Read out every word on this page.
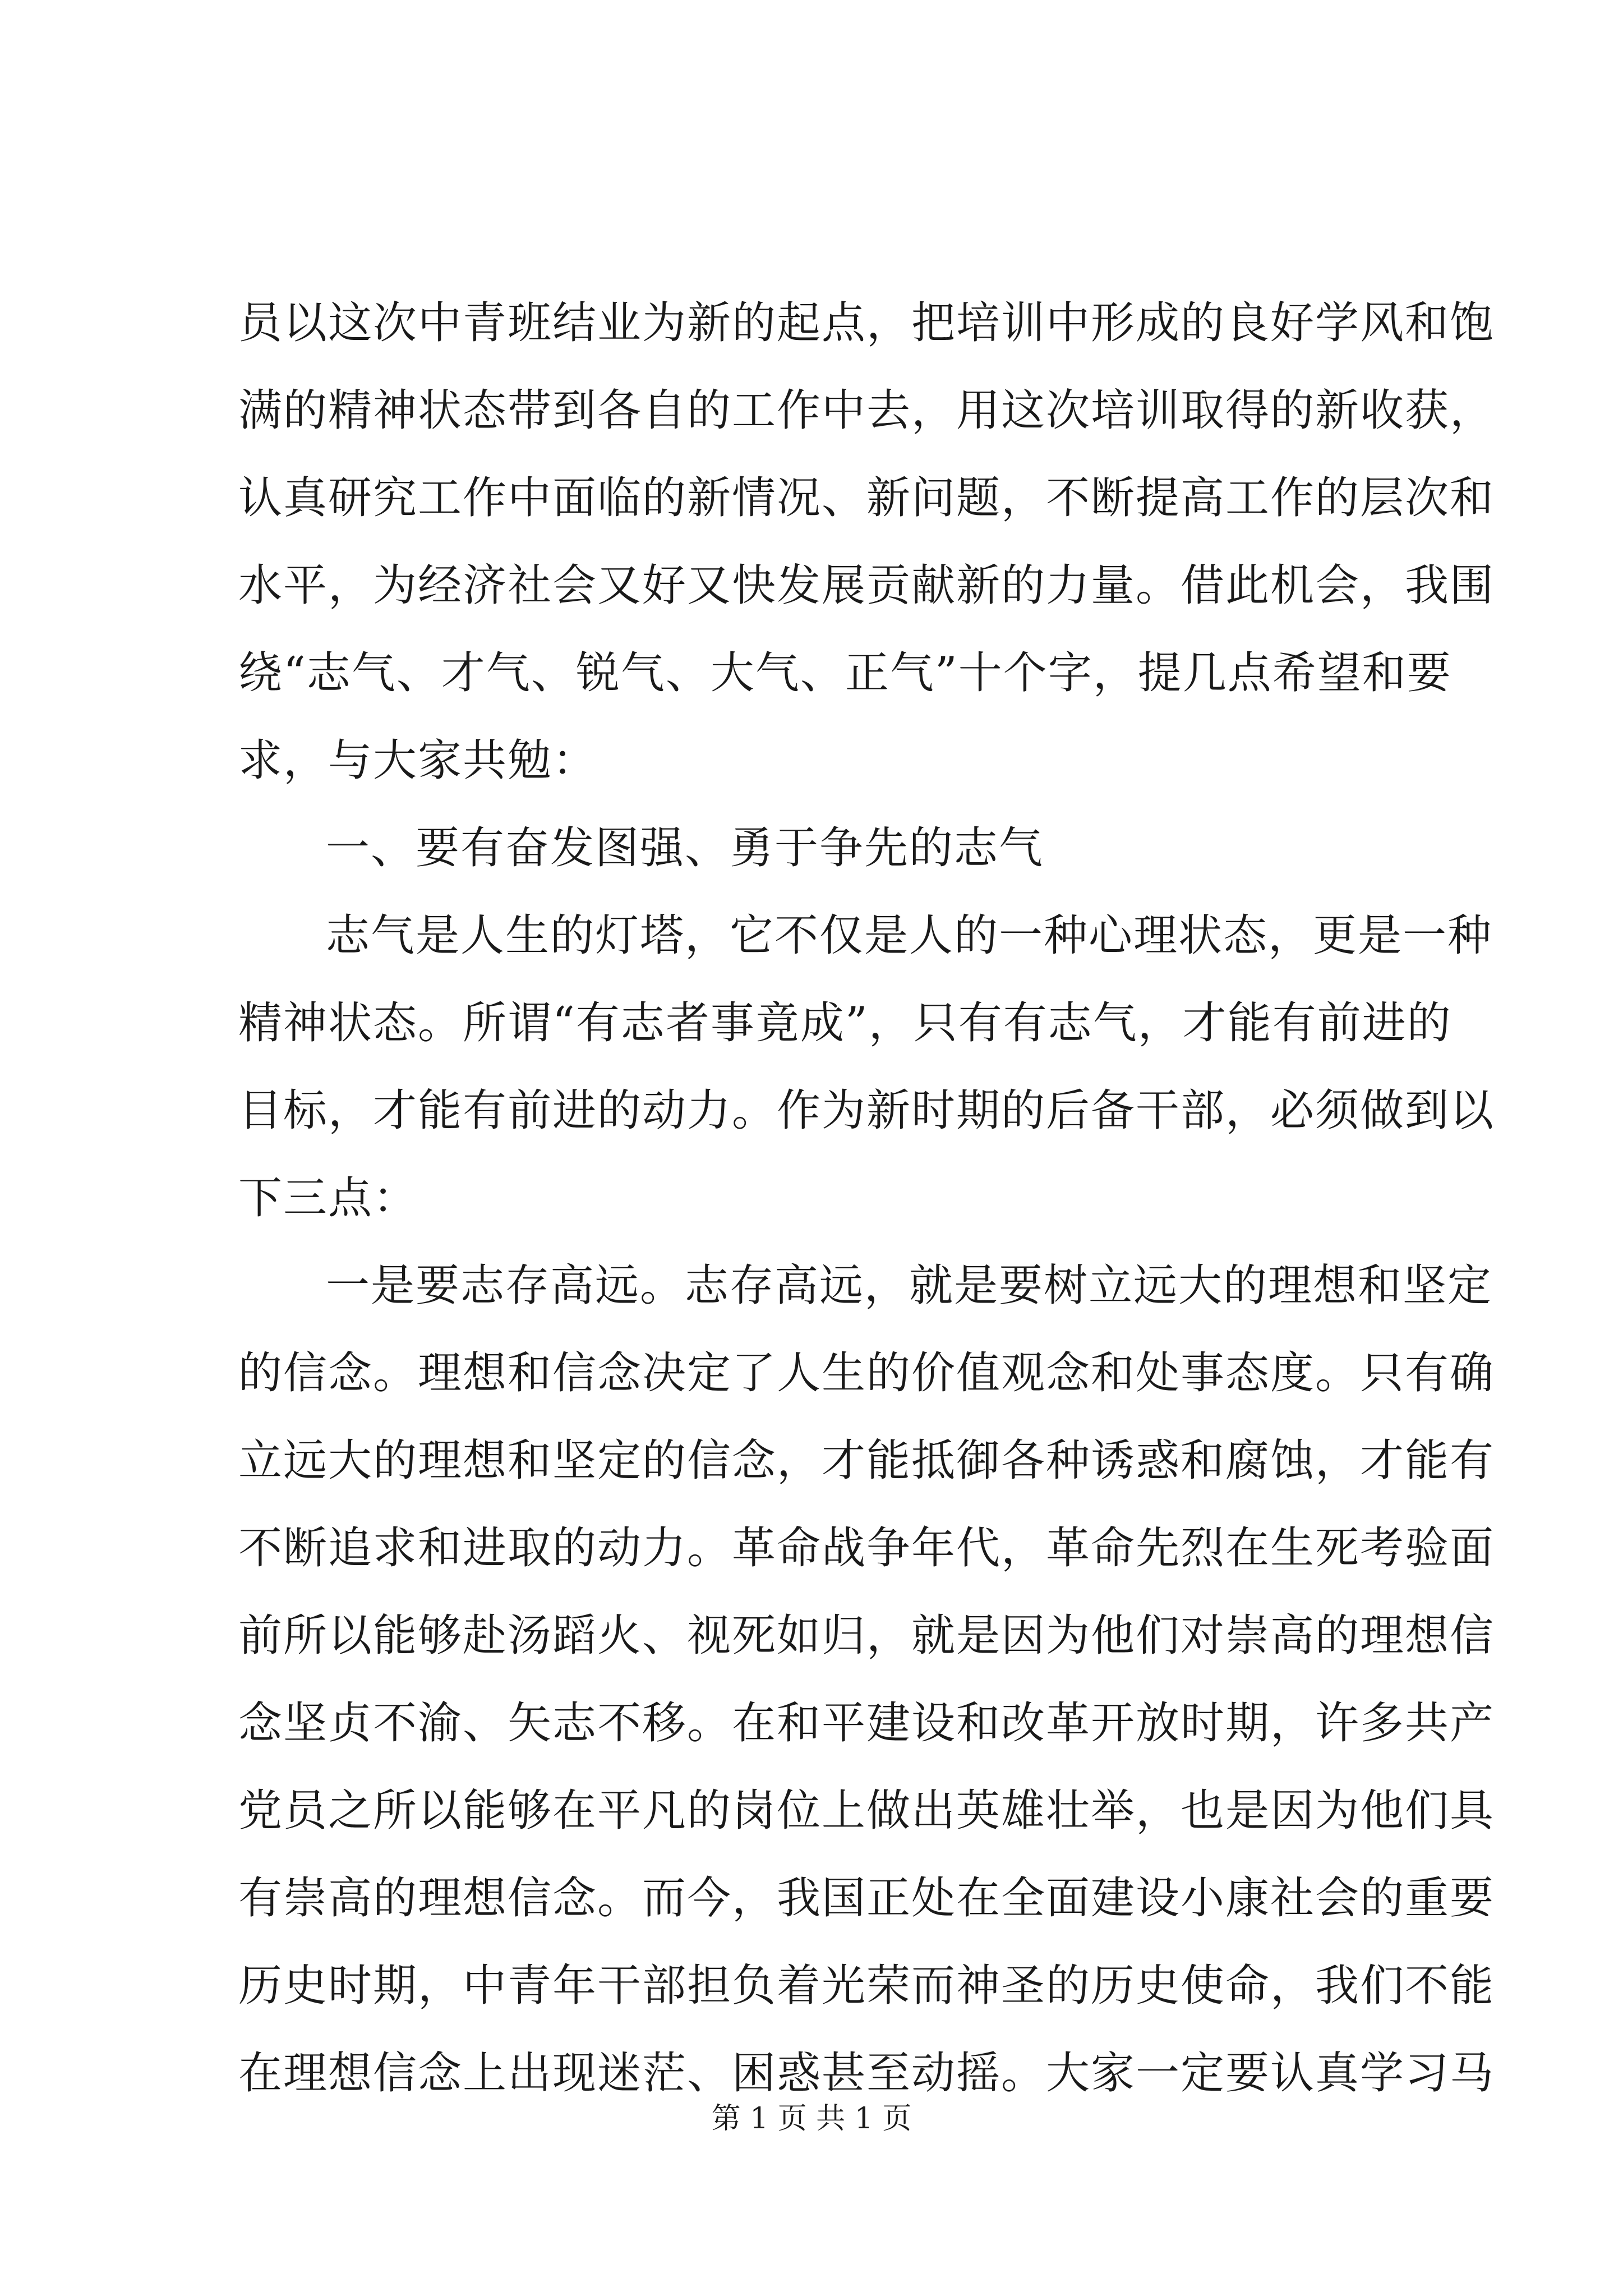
员以这次中青班结业为新的起点，把培训中形成的良好学风和饱
满的精神状态带到各自的工作中去，用这次培训取得的新收获，
认真研究工作中面临的新情况、新问题，不断提高工作的层次和
水平，为经济社会又好又快发展贡献新的力量。借此机会，我围
绕“志气、才气、锐气、大气、正气”十个字，提几点希望和要
求，与大家共勉：
一、要有奋发图强、勇于争先的志气
志气是人生的灯塔，它不仅是人的一种心理状态，更是一种
精神状态。所谓“有志者事竟成”，只有有志气，才能有前进的
目标，才能有前进的动力。作为新时期的后备干部，必须做到以
下三点：
一是要志存高远。志存高远，就是要树立远大的理想和坚定
的信念。理想和信念决定了人生的价值观念和处事态度。只有确
立远大的理想和坚定的信念，才能抵御各种诱惑和腐蚀，才能有
不断追求和进取的动力。革命战争年代，革命先烈在生死考验面
前所以能够赴汤蹈火、视死如归，就是因为他们对崇高的理想信
念坚贞不渝、矢志不移。在和平建设和改革开放时期，许多共产
党员之所以能够在平凡的岗位上做出英雄壮举，也是因为他们具
有崇高的理想信念。而今，我国正处在全面建设小康社会的重要
历史时期，中青年干部担负着光荣而神圣的历史使命，我们不能
在理想信念上出现迷茫、困惑甚至动摇。大家一定要认真学习马
第 1 页 共 1 页
